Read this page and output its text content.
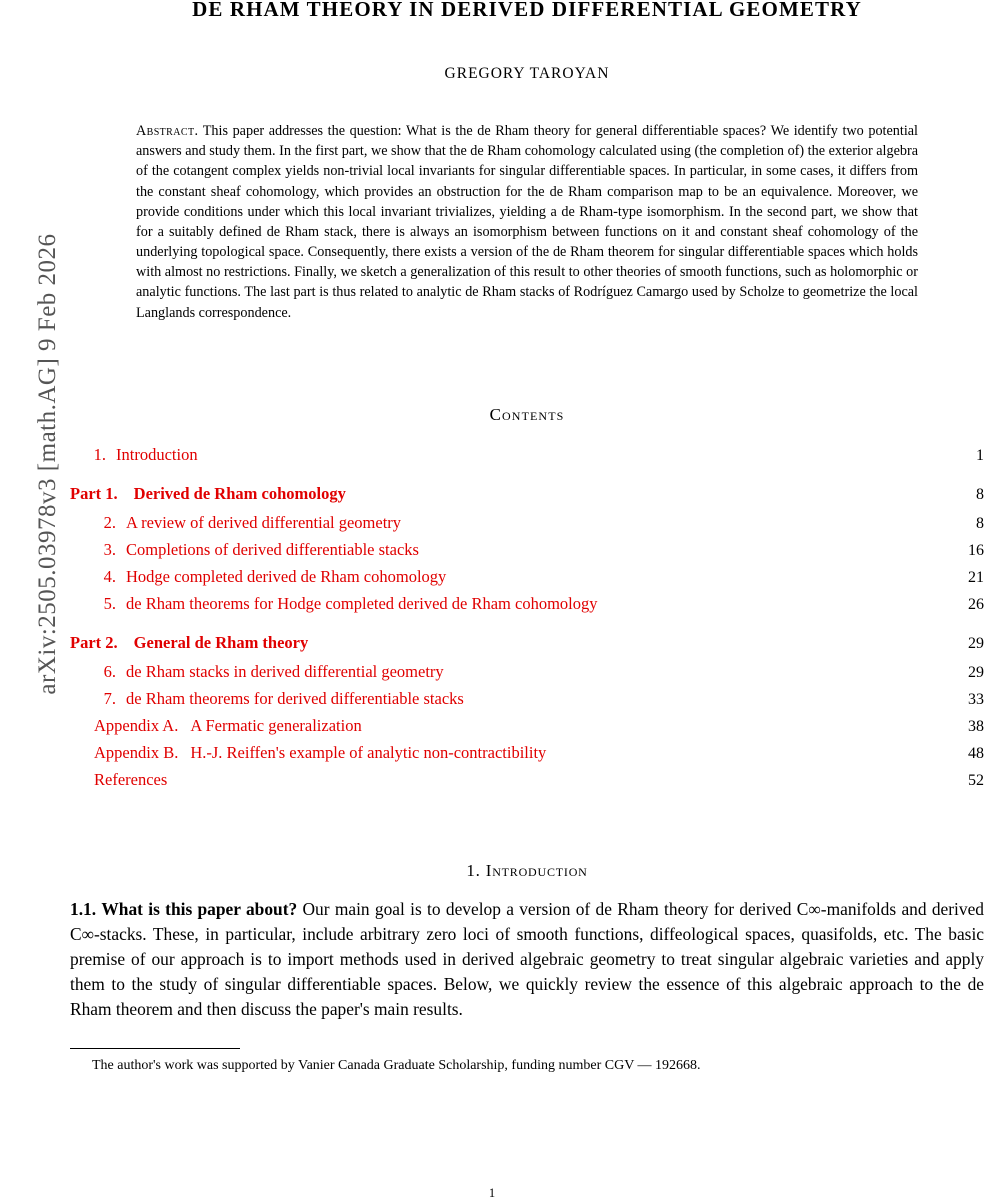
arXiv:2505.03978v3 [math.AG] 9 Feb 2026
DE RHAM THEORY IN DERIVED DIFFERENTIAL GEOMETRY
GREGORY TAROYAN
Abstract. This paper addresses the question: What is the de Rham theory for general differentiable spaces? We identify two potential answers and study them. In the first part, we show that the de Rham cohomology calculated using (the completion of) the exterior algebra of the cotangent complex yields non-trivial local invariants for singular differentiable spaces. In particular, in some cases, it differs from the constant sheaf cohomology, which provides an obstruction for the de Rham comparison map to be an equivalence. Moreover, we provide conditions under which this local invariant trivializes, yielding a de Rham-type isomorphism. In the second part, we show that for a suitably defined de Rham stack, there is always an isomorphism between functions on it and constant sheaf cohomology of the underlying topological space. Consequently, there exists a version of the de Rham theorem for singular differentiable spaces which holds with almost no restrictions. Finally, we sketch a generalization of this result to other theories of smooth functions, such as holomorphic or analytic functions. The last part is thus related to analytic de Rham stacks of Rodríguez Camargo used by Scholze to geometrize the local Langlands correspondence.
Contents
1. Introduction	1
Part 1. Derived de Rham cohomology	8
2. A review of derived differential geometry	8
3. Completions of derived differentiable stacks	16
4. Hodge completed derived de Rham cohomology	21
5. de Rham theorems for Hodge completed derived de Rham cohomology	26
Part 2. General de Rham theory	29
6. de Rham stacks in derived differential geometry	29
7. de Rham theorems for derived differentiable stacks	33
Appendix A. A Fermatic generalization	38
Appendix B. H.-J. Reiffen's example of analytic non-contractibility	48
References	52
1. Introduction
1.1. What is this paper about? Our main goal is to develop a version of de Rham theory for derived C∞-manifolds and derived C∞-stacks. These, in particular, include arbitrary zero loci of smooth functions, diffeological spaces, quasifolds, etc. The basic premise of our approach is to import methods used in derived algebraic geometry to treat singular algebraic varieties and apply them to the study of singular differentiable spaces. Below, we quickly review the essence of this algebraic approach to the de Rham theorem and then discuss the paper's main results.
The author's work was supported by Vanier Canada Graduate Scholarship, funding number CGV — 192668.
1
